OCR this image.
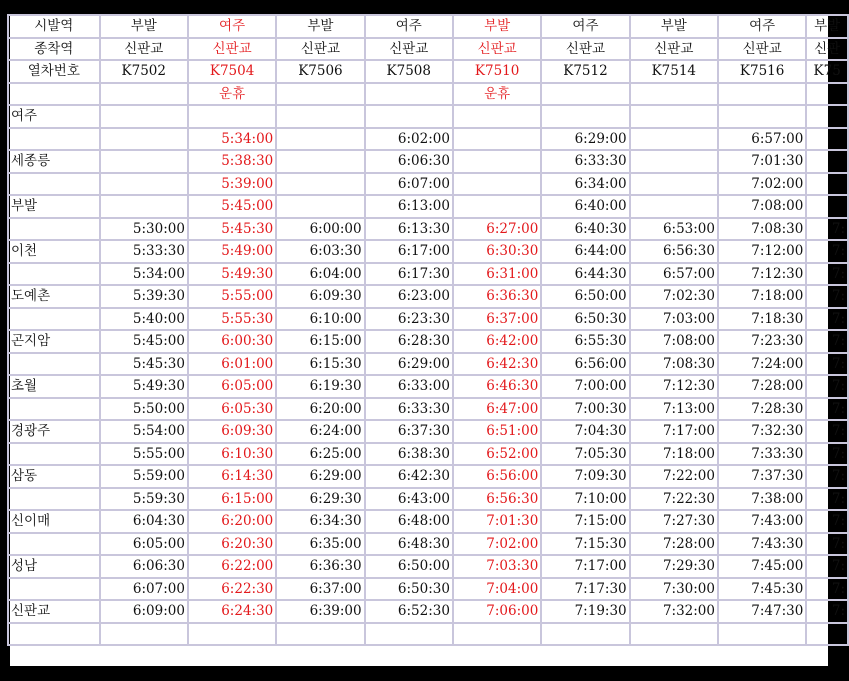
시발역	부발	여주	부발	여주	부발	여주	부발	여주	부발
종착역	신판교	신판교	신판교	신판교	신판교	신판교	신판교	신판교	신판
열차번호	K7502	K7504	K7506	K7508	K7510	K7512	K7514	K7516	K75
		운휴			운휴				
여주									
		5:34:00		6:02:00		6:29:00		6:57:00	
세종릉		5:38:30		6:06:30		6:33:30		7:01:30	
		5:39:00		6:07:00		6:34:00		7:02:00	
부발		5:45:00		6:13:00		6:40:00		7:08:00	
	5:30:00	5:45:30	6:00:00	6:13:30	6:27:00	6:40:30	6:53:00	7:08:30	7:
이천	5:33:30	5:49:00	6:03:30	6:17:00	6:30:30	6:44:00	6:56:30	7:12:00	7:
	5:34:00	5:49:30	6:04:00	6:17:30	6:31:00	6:44:30	6:57:00	7:12:30	7:
도예촌	5:39:30	5:55:00	6:09:30	6:23:00	6:36:30	6:50:00	7:02:30	7:18:00	7:
	5:40:00	5:55:30	6:10:00	6:23:30	6:37:00	6:50:30	7:03:00	7:18:30	7:
곤지암	5:45:00	6:00:30	6:15:00	6:28:30	6:42:00	6:55:30	7:08:00	7:23:30	7:
	5:45:30	6:01:00	6:15:30	6:29:00	6:42:30	6:56:00	7:08:30	7:24:00	7:
초월	5:49:30	6:05:00	6:19:30	6:33:00	6:46:30	7:00:00	7:12:30	7:28:00	7:
	5:50:00	6:05:30	6:20:00	6:33:30	6:47:00	7:00:30	7:13:00	7:28:30	7:
경광주	5:54:00	6:09:30	6:24:00	6:37:30	6:51:00	7:04:30	7:17:00	7:32:30	7:
	5:55:00	6:10:30	6:25:00	6:38:30	6:52:00	7:05:30	7:18:00	7:33:30	7:
삼동	5:59:00	6:14:30	6:29:00	6:42:30	6:56:00	7:09:30	7:22:00	7:37:30	7:
	5:59:30	6:15:00	6:29:30	6:43:00	6:56:30	7:10:00	7:22:30	7:38:00	7:
신이매	6:04:30	6:20:00	6:34:30	6:48:00	7:01:30	7:15:00	7:27:30	7:43:00	7:
	6:05:00	6:20:30	6:35:00	6:48:30	7:02:00	7:15:30	7:28:00	7:43:30	7:
성남	6:06:30	6:22:00	6:36:30	6:50:00	7:03:30	7:17:00	7:29:30	7:45:00	7:
	6:07:00	6:22:30	6:37:00	6:50:30	7:04:00	7:17:30	7:30:00	7:45:30	7:
신판교	6:09:00	6:24:30	6:39:00	6:52:30	7:06:00	7:19:30	7:32:00	7:47:30	7:
